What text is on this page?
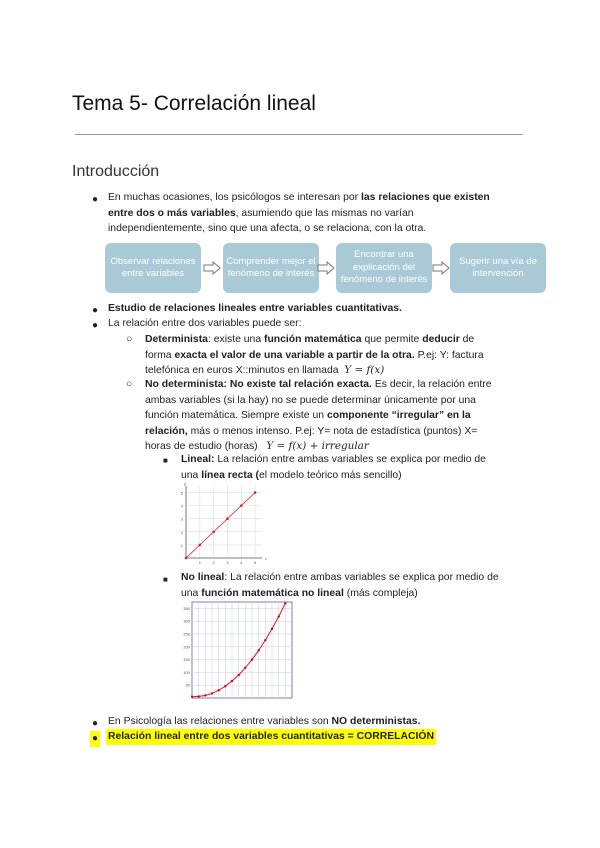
Tema 5- Correlación lineal
Introducción
● En muchas ocasiones, los psicólogos se interesan por las relaciones que existen
entre dos o más variables, asumiendo que las mismas no varían
independientemente, sino que una afecta, o se relaciona, con la otra.
Observar relaciones entre variables
Comprender mejor el fenómeno de interés
Encontrar una explicación del fenómeno de interés
Sugerir una vía de intervención
● Estudio de relaciones lineales entre variables cuantitativas.
● La relación entre dos variables puede ser:
○ Determinista: existe una función matemática que permite deducir de
forma exacta el valor de una variable a partir de la otra. P.ej: Y: factura
telefónica en euros X::minutos en llamada Y = f(x)
○ No determinista: No existe tal relación exacta. Es decir, la relación entre
ambas variables (si la hay) no se puede determinar únicamente por una
función matemática. Siempre existe un componente “irregular” en la
relación, más o menos intenso. P.ej: Y= nota de estadística (puntos) X=
horas de estudio (horas) Y = f(x) + irregular
■ Lineal: La relación entre ambas variables se explica por medio de
una línea recta (el modelo teórico más sencillo)
1
2
3
4
5
1	2	3	4	5
x
y
■ No lineal: La relación entre ambas variables se explica por medio de
una función matemática no lineal (más compleja)
50
100
150
200
250
300
350
● En Psicología las relaciones entre variables son NO deterministas.
● Relación lineal entre dos variables cuantitativas = CORRELACIÓN
